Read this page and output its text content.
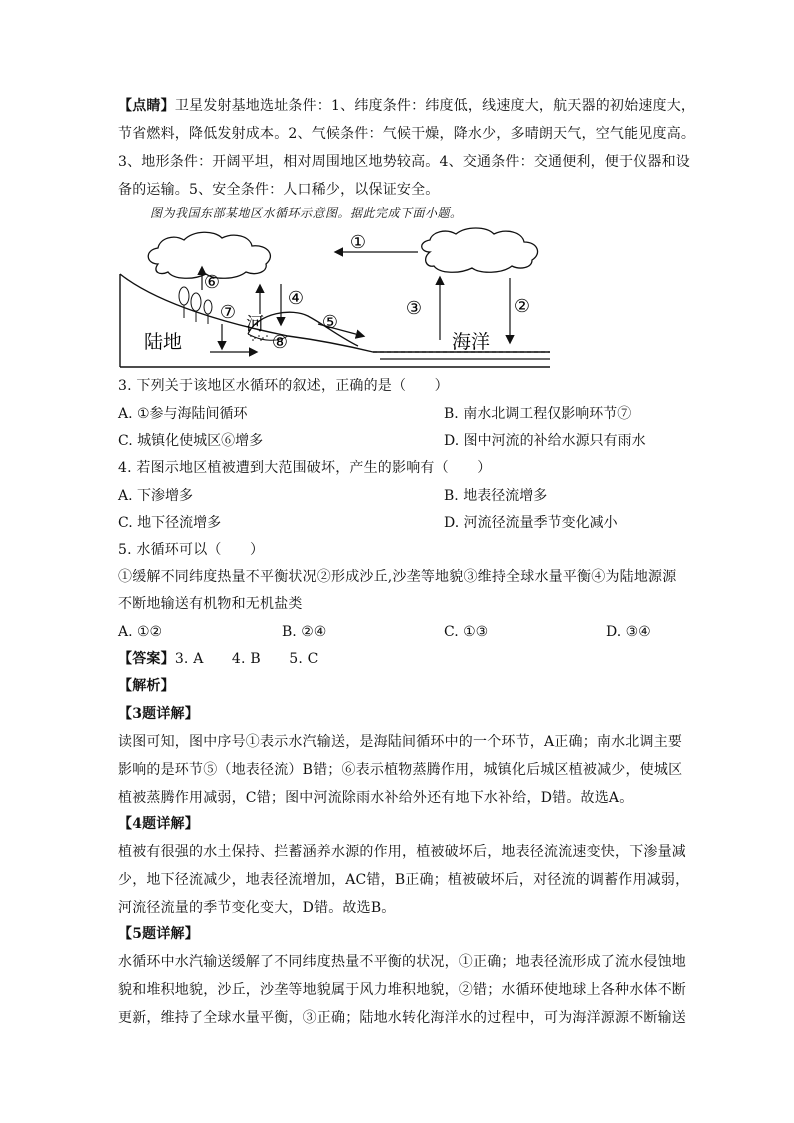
【点睛】卫星发射基地选址条件：1、纬度条件：纬度低，线速度大，航天器的初始速度大，
节省燃料，降低发射成本。2、气候条件：气候干燥，降水少，多晴朗天气，空气能见度高。
3、地形条件：开阔平坦，相对周围地区地势较高。4、交通条件：交通便利，便于仪器和设
备的运输。5、安全条件：人口稀少，以保证安全。
图为我国东部某地区水循环示意图。据此完成下面小题。
①
②
③
④
⑤
⑥
⑦
⑧
陆地
河
海洋
3. 下列关于该地区水循环的叙述，正确的是（　　）
A. ①参与海陆间循环	B. 南水北调工程仅影响环节⑦
C. 城镇化使城区⑥增多	D. 图中河流的补给水源只有雨水
4. 若图示地区植被遭到大范围破坏，产生的影响有（　　）
A. 下渗增多	B. 地表径流增多
C. 地下径流增多	D. 河流径流量季节变化减小
5. 水循环可以（　　）
①缓解不同纬度热量不平衡状况②形成沙丘,沙垄等地貌③维持全球水量平衡④为陆地源源
不断地输送有机物和无机盐类
A. ①②	B. ②④	C. ①③	D. ③④
【答案】3. A　　4. B　　5. C
【解析】
【3题详解】
读图可知，图中序号①表示水汽输送，是海陆间循环中的一个环节，A正确；南水北调主要
影响的是环节⑤（地表径流）B错；⑥表示植物蒸腾作用，城镇化后城区植被减少，使城区
植被蒸腾作用减弱，C错；图中河流除雨水补给外还有地下水补给，D错。故选A。
【4题详解】
植被有很强的水土保持、拦蓄涵养水源的作用，植被破坏后，地表径流流速变快，下渗量减
少，地下径流减少，地表径流增加，AC错，B正确；植被破坏后，对径流的调蓄作用减弱，
河流径流量的季节变化变大，D错。故选B。
【5题详解】
水循环中水汽输送缓解了不同纬度热量不平衡的状况，①正确；地表径流形成了流水侵蚀地
貌和堆积地貌，沙丘，沙垄等地貌属于风力堆积地貌，②错；水循环使地球上各种水体不断
更新，维持了全球水量平衡，③正确；陆地水转化海洋水的过程中，可为海洋源源不断输送
